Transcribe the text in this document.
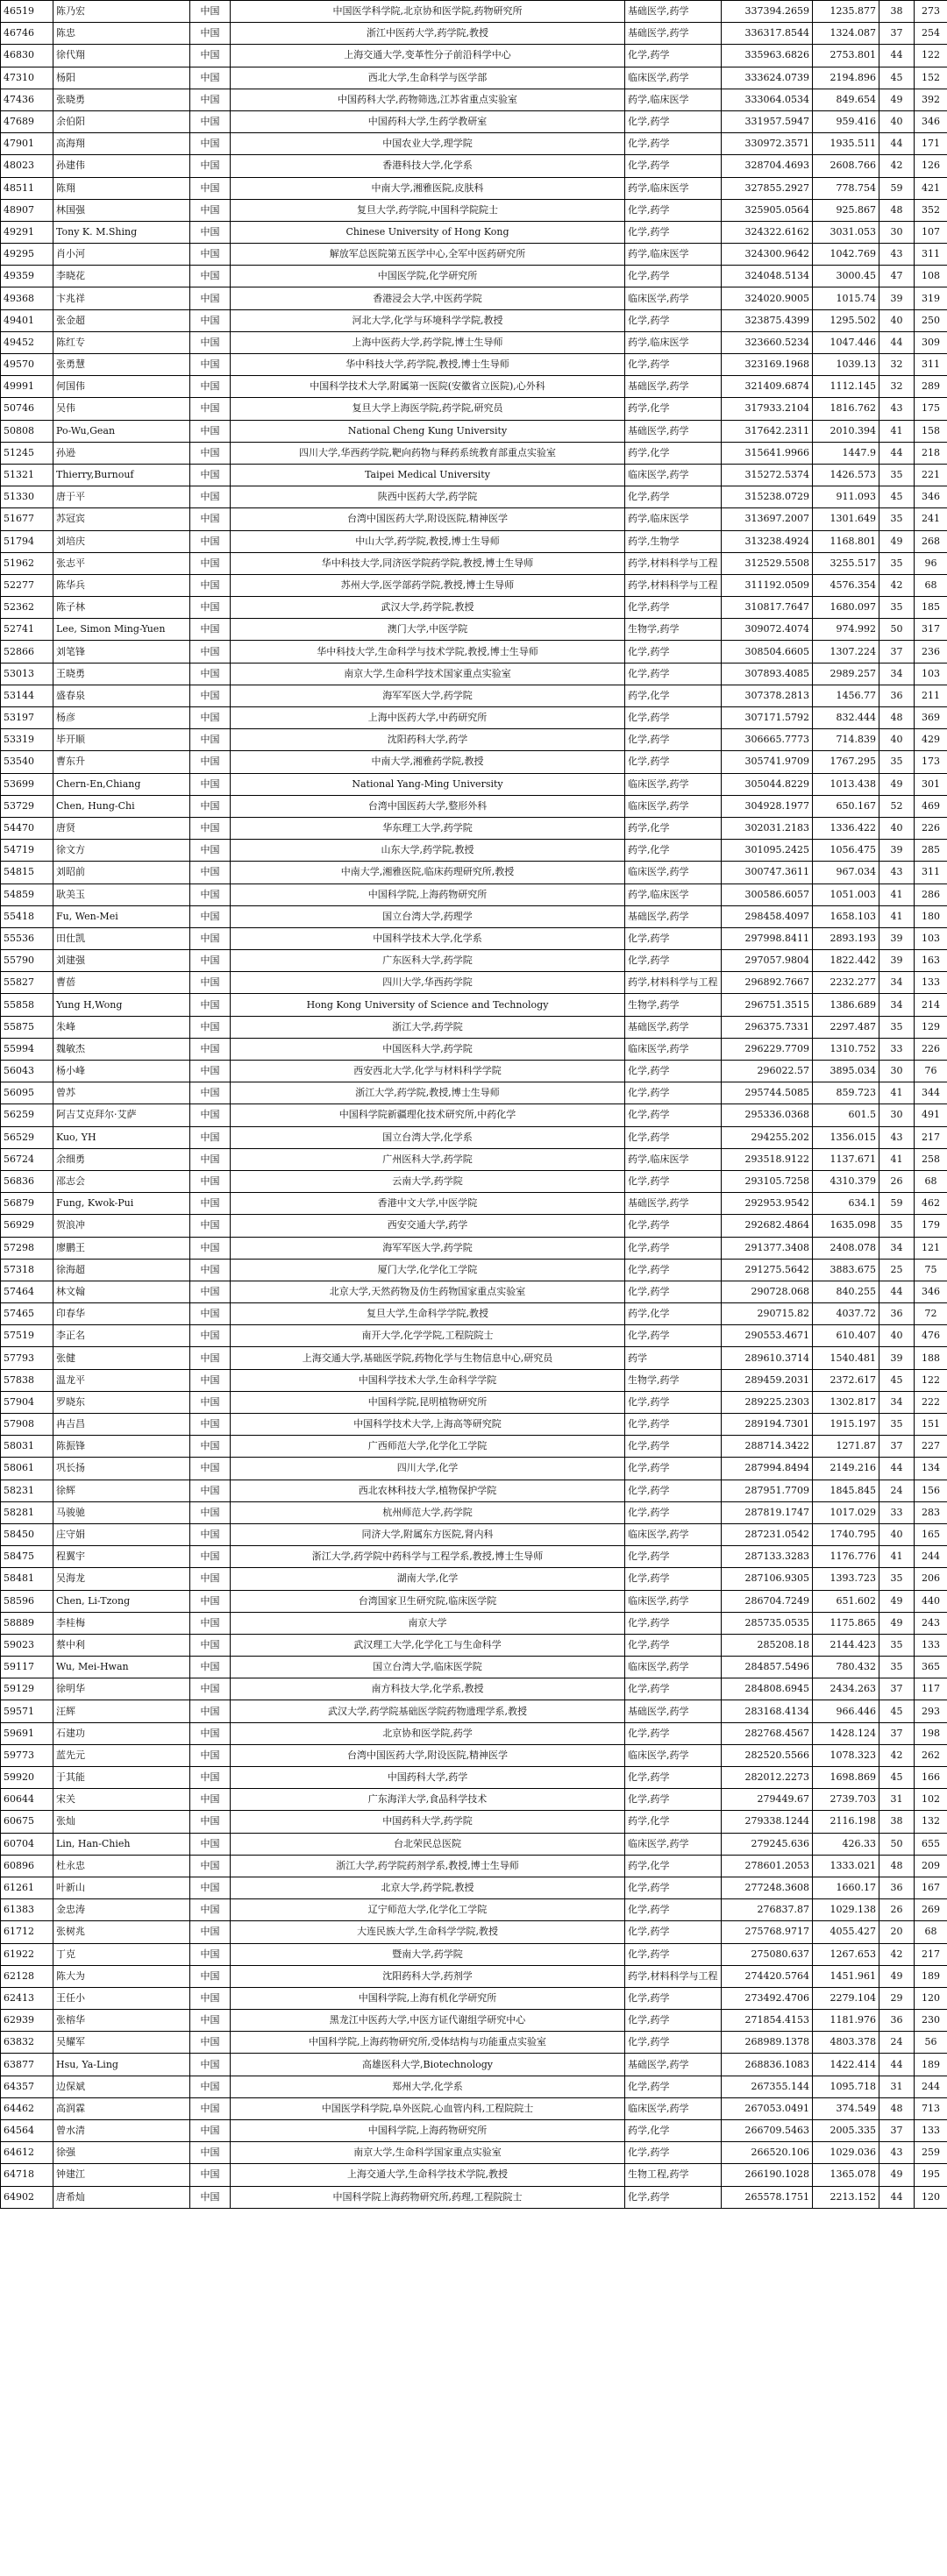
46519	陈乃宏	中国	中国医学科学院,北京协和医学院,药物研究所	基础医学,药学	337394.2659	1235.877	38	273
46746	陈忠	中国	浙江中医药大学,药学院,教授	基础医学,药学	336317.8544	1324.087	37	254
46830	徐代翔	中国	上海交通大学,变革性分子前沿科学中心	化学,药学	335963.6826	2753.801	44	122
47310	杨阳	中国	西北大学,生命科学与医学部	临床医学,药学	333624.0739	2194.896	45	152
47436	张晓勇	中国	中国药科大学,药物筛选,江苏省重点实验室	药学,临床医学	333064.0534	849.654	49	392
47689	余伯阳	中国	中国药科大学,生药学教研室	化学,药学	331957.5947	959.416	40	346
47901	高海翔	中国	中国农业大学,理学院	化学,药学	330972.3571	1935.511	44	171
48023	孙建伟	中国	香港科技大学,化学系	化学,药学	328704.4693	2608.766	42	126
48511	陈翔	中国	中南大学,湘雅医院,皮肤科	药学,临床医学	327855.2927	778.754	59	421
48907	林国强	中国	复旦大学,药学院,中国科学院院士	化学,药学	325905.0564	925.867	48	352
49291	Tony K. M.Shing	中国	Chinese University of Hong Kong	化学,药学	324322.6162	3031.053	30	107
49295	肖小河	中国	解放军总医院第五医学中心,全军中医药研究所	药学,临床医学	324300.9642	1042.769	43	311
49359	李晓花	中国	中国医学院,化学研究所	化学,药学	324048.5134	3000.45	47	108
49368	卞兆祥	中国	香港浸会大学,中医药学院	临床医学,药学	324020.9005	1015.74	39	319
49401	张金超	中国	河北大学,化学与环境科学学院,教授	化学,药学	323875.4399	1295.502	40	250
49452	陈红专	中国	上海中医药大学,药学院,博士生导师	药学,临床医学	323660.5234	1047.446	44	309
49570	张勇慧	中国	华中科技大学,药学院,教授,博士生导师	化学,药学	323169.1968	1039.13	32	311
49991	何国伟	中国	中国科学技术大学,附属第一医院(安徽省立医院),心外科	基础医学,药学	321409.6874	1112.145	32	289
50746	吴伟	中国	复旦大学上海医学院,药学院,研究员	药学,化学	317933.2104	1816.762	43	175
50808	Po-Wu,Gean	中国	National Cheng Kung University	基础医学,药学	317642.2311	2010.394	41	158
51245	孙逊	中国	四川大学,华西药学院,靶向药物与释药系统教育部重点实验室	药学,化学	315641.9966	1447.9	44	218
51321	Thierry,Burnouf	中国	Taipei Medical University	临床医学,药学	315272.5374	1426.573	35	221
51330	唐于平	中国	陕西中医药大学,药学院	化学,药学	315238.0729	911.093	45	346
51677	苏冠宾	中国	台湾中国医药大学,附设医院,精神医学	药学,临床医学	313697.2007	1301.649	35	241
51794	刘培庆	中国	中山大学,药学院,教授,博士生导师	药学,生物学	313238.4924	1168.801	49	268
51962	张志平	中国	华中科技大学,同济医学院药学院,教授,博士生导师	药学,材料科学与工程	312529.5508	3255.517	35	96
52277	陈华兵	中国	苏州大学,医学部药学院,教授,博士生导师	药学,材料科学与工程	311192.0509	4576.354	42	68
52362	陈子林	中国	武汉大学,药学院,教授	化学,药学	310817.7647	1680.097	35	185
52741	Lee, Simon Ming-Yuen	中国	澳门大学,中医学院	生物学,药学	309072.4074	974.992	50	317
52866	刘笔锋	中国	华中科技大学,生命科学与技术学院,教授,博士生导师	化学,药学	308504.6605	1307.224	37	236
53013	王晓勇	中国	南京大学,生命科学技术国家重点实验室	化学,药学	307893.4085	2989.257	34	103
53144	盛春泉	中国	海军军医大学,药学院	药学,化学	307378.2813	1456.77	36	211
53197	杨彦	中国	上海中医药大学,中药研究所	化学,药学	307171.5792	832.444	48	369
53319	毕开顺	中国	沈阳药科大学,药学	化学,药学	306665.7773	714.839	40	429
53540	曹东升	中国	中南大学,湘雅药学院,教授	化学,药学	305741.9709	1767.295	35	173
53699	Chern-En,Chiang	中国	National Yang-Ming University	临床医学,药学	305044.8229	1013.438	49	301
53729	Chen, Hung-Chi	中国	台湾中国医药大学,整形外科	临床医学,药学	304928.1977	650.167	52	469
54470	唐贤	中国	华东理工大学,药学院	药学,化学	302031.2183	1336.422	40	226
54719	徐文方	中国	山东大学,药学院,教授	药学,化学	301095.2425	1056.475	39	285
54815	刘昭前	中国	中南大学,湘雅医院,临床药理研究所,教授	临床医学,药学	300747.3611	967.034	43	311
54859	耿美玉	中国	中国科学院,上海药物研究所	药学,临床医学	300586.6057	1051.003	41	286
55418	Fu, Wen-Mei	中国	国立台湾大学,药理学	基础医学,药学	298458.4097	1658.103	41	180
55536	田仕凯	中国	中国科学技术大学,化学系	化学,药学	297998.8411	2893.193	39	103
55790	刘建强	中国	广东医科大学,药学院	化学,药学	297057.9804	1822.442	39	163
55827	曹蓓	中国	四川大学,华西药学院	药学,材料科学与工程	296892.7667	2232.277	34	133
55858	Yung H,Wong	中国	Hong Kong University of Science and Technology	生物学,药学	296751.3515	1386.689	34	214
55875	朱峰	中国	浙江大学,药学院	基础医学,药学	296375.7331	2297.487	35	129
55994	魏敏杰	中国	中国医科大学,药学院	临床医学,药学	296229.7709	1310.752	33	226
56043	杨小峰	中国	西安西北大学,化学与材料科学学院	化学,药学	296022.57	3895.034	30	76
56095	曾苏	中国	浙江大学,药学院,教授,博士生导师	化学,药学	295744.5085	859.723	41	344
56259	阿吉艾克拜尔·艾萨	中国	中国科学院新疆理化技术研究所,中药化学	化学,药学	295336.0368	601.5	30	491
56529	Kuo, YH	中国	国立台湾大学,化学系	化学,药学	294255.202	1356.015	43	217
56724	余细勇	中国	广州医科大学,药学院	药学,临床医学	293518.9122	1137.671	41	258
56836	邵志会	中国	云南大学,药学院	化学,药学	293105.7258	4310.379	26	68
56879	Fung, Kwok-Pui	中国	香港中文大学,中医学院	基础医学,药学	292953.9542	634.1	59	462
56929	贺浪冲	中国	西安交通大学,药学	化学,药学	292682.4864	1635.098	35	179
57298	廖鹏王	中国	海军军医大学,药学院	化学,药学	291377.3408	2408.078	34	121
57318	徐海超	中国	厦门大学,化学化工学院	化学,药学	291275.5642	3883.675	25	75
57464	林文翰	中国	北京大学,天然药物及仿生药物国家重点实验室	化学,药学	290728.068	840.255	44	346
57465	印春华	中国	复旦大学,生命科学学院,教授	药学,化学	290715.82	4037.72	36	72
57519	李正名	中国	南开大学,化学学院,工程院院士	化学,药学	290553.4671	610.407	40	476
57793	张健	中国	上海交通大学,基础医学院,药物化学与生物信息中心,研究员	药学	289610.3714	1540.481	39	188
57838	温龙平	中国	中国科学技术大学,生命科学学院	生物学,药学	289459.2031	2372.617	45	122
57904	罗晓东	中国	中国科学院,昆明植物研究所	化学,药学	289225.2303	1302.817	34	222
57908	冉吉昌	中国	中国科学技术大学,上海高等研究院	化学,药学	289194.7301	1915.197	35	151
58031	陈振锋	中国	广西师范大学,化学化工学院	化学,药学	288714.3422	1271.87	37	227
58061	巩长扬	中国	四川大学,化学	化学,药学	287994.8494	2149.216	44	134
58231	徐辉	中国	西北农林科技大学,植物保护学院	化学,药学	287951.7709	1845.845	24	156
58281	马骏驰	中国	杭州师范大学,药学院	化学,药学	287819.1747	1017.029	33	283
58450	庄守娟	中国	同济大学,附属东方医院,肾内科	临床医学,药学	287231.0542	1740.795	40	165
58475	程翼宇	中国	浙江大学,药学院中药科学与工程学系,教授,博士生导师	化学,药学	287133.3283	1176.776	41	244
58481	吴海龙	中国	湖南大学,化学	化学,药学	287106.9305	1393.723	35	206
58596	Chen, Li-Tzong	中国	台湾国家卫生研究院,临床医学院	临床医学,药学	286704.7249	651.602	49	440
58889	李桂梅	中国	南京大学	化学,药学	285735.0535	1175.865	49	243
59023	蔡中利	中国	武汉理工大学,化学化工与生命科学	化学,药学	285208.18	2144.423	35	133
59117	Wu, Mei-Hwan	中国	国立台湾大学,临床医学院	临床医学,药学	284857.5496	780.432	35	365
59129	徐明华	中国	南方科技大学,化学系,教授	化学,药学	284808.6945	2434.263	37	117
59571	汪辉	中国	武汉大学,药学院基础医学院药物遗理学系,教授	基础医学,药学	283168.4134	966.446	45	293
59691	石建功	中国	北京协和医学院,药学	化学,药学	282768.4567	1428.124	37	198
59773	蓝先元	中国	台湾中国医药大学,附设医院,精神医学	临床医学,药学	282520.5566	1078.323	42	262
59920	于其能	中国	中国药科大学,药学	化学,药学	282012.2273	1698.869	45	166
60644	宋关	中国	广东海洋大学,食品科学技术	化学,药学	279449.67	2739.703	31	102
60675	张灿	中国	中国药科大学,药学院	药学,化学	279338.1244	2116.198	38	132
60704	Lin, Han-Chieh	中国	台北荣民总医院	临床医学,药学	279245.636	426.33	50	655
60896	杜永忠	中国	浙江大学,药学院药剂学系,教授,博士生导师	药学,化学	278601.2053	1333.021	48	209
61261	叶新山	中国	北京大学,药学院,教授	化学,药学	277248.3608	1660.17	36	167
61383	金忠涛	中国	辽宁师范大学,化学化工学院	化学,药学	276837.87	1029.138	26	269
61712	张树兆	中国	大连民族大学,生命科学学院,教授	化学,药学	275768.9717	4055.427	20	68
61922	丁克	中国	暨南大学,药学院	化学,药学	275080.637	1267.653	42	217
62128	陈大为	中国	沈阳药科大学,药剂学	药学,材料科学与工程	274420.5764	1451.961	49	189
62413	王任小	中国	中国科学院,上海有机化学研究所	化学,药学	273492.4706	2279.104	29	120
62939	张榕华	中国	黑龙江中医药大学,中医方证代谢组学研究中心	化学,药学	271854.4153	1181.976	36	230
63832	吴耀军	中国	中国科学院,上海药物研究所,受体结构与功能重点实验室	化学,药学	268989.1378	4803.378	24	56
63877	Hsu, Ya-Ling	中国	高雄医科大学,Biotechnology	基础医学,药学	268836.1083	1422.414	44	189
64357	边保斌	中国	郑州大学,化学系	化学,药学	267355.144	1095.718	31	244
64462	高润霖	中国	中国医学科学院,阜外医院,心血管内科,工程院院士	临床医学,药学	267053.0491	374.549	48	713
64564	曾水清	中国	中国科学院,上海药物研究所	药学,化学	266709.5463	2005.335	37	133
64612	徐强	中国	南京大学,生命科学国家重点实验室	化学,药学	266520.106	1029.036	43	259
64718	钟建江	中国	上海交通大学,生命科学技术学院,教授	生物工程,药学	266190.1028	1365.078	49	195
64902	唐希灿	中国	中国科学院上海药物研究所,药理,工程院院士	化学,药学	265578.1751	2213.152	44	120
